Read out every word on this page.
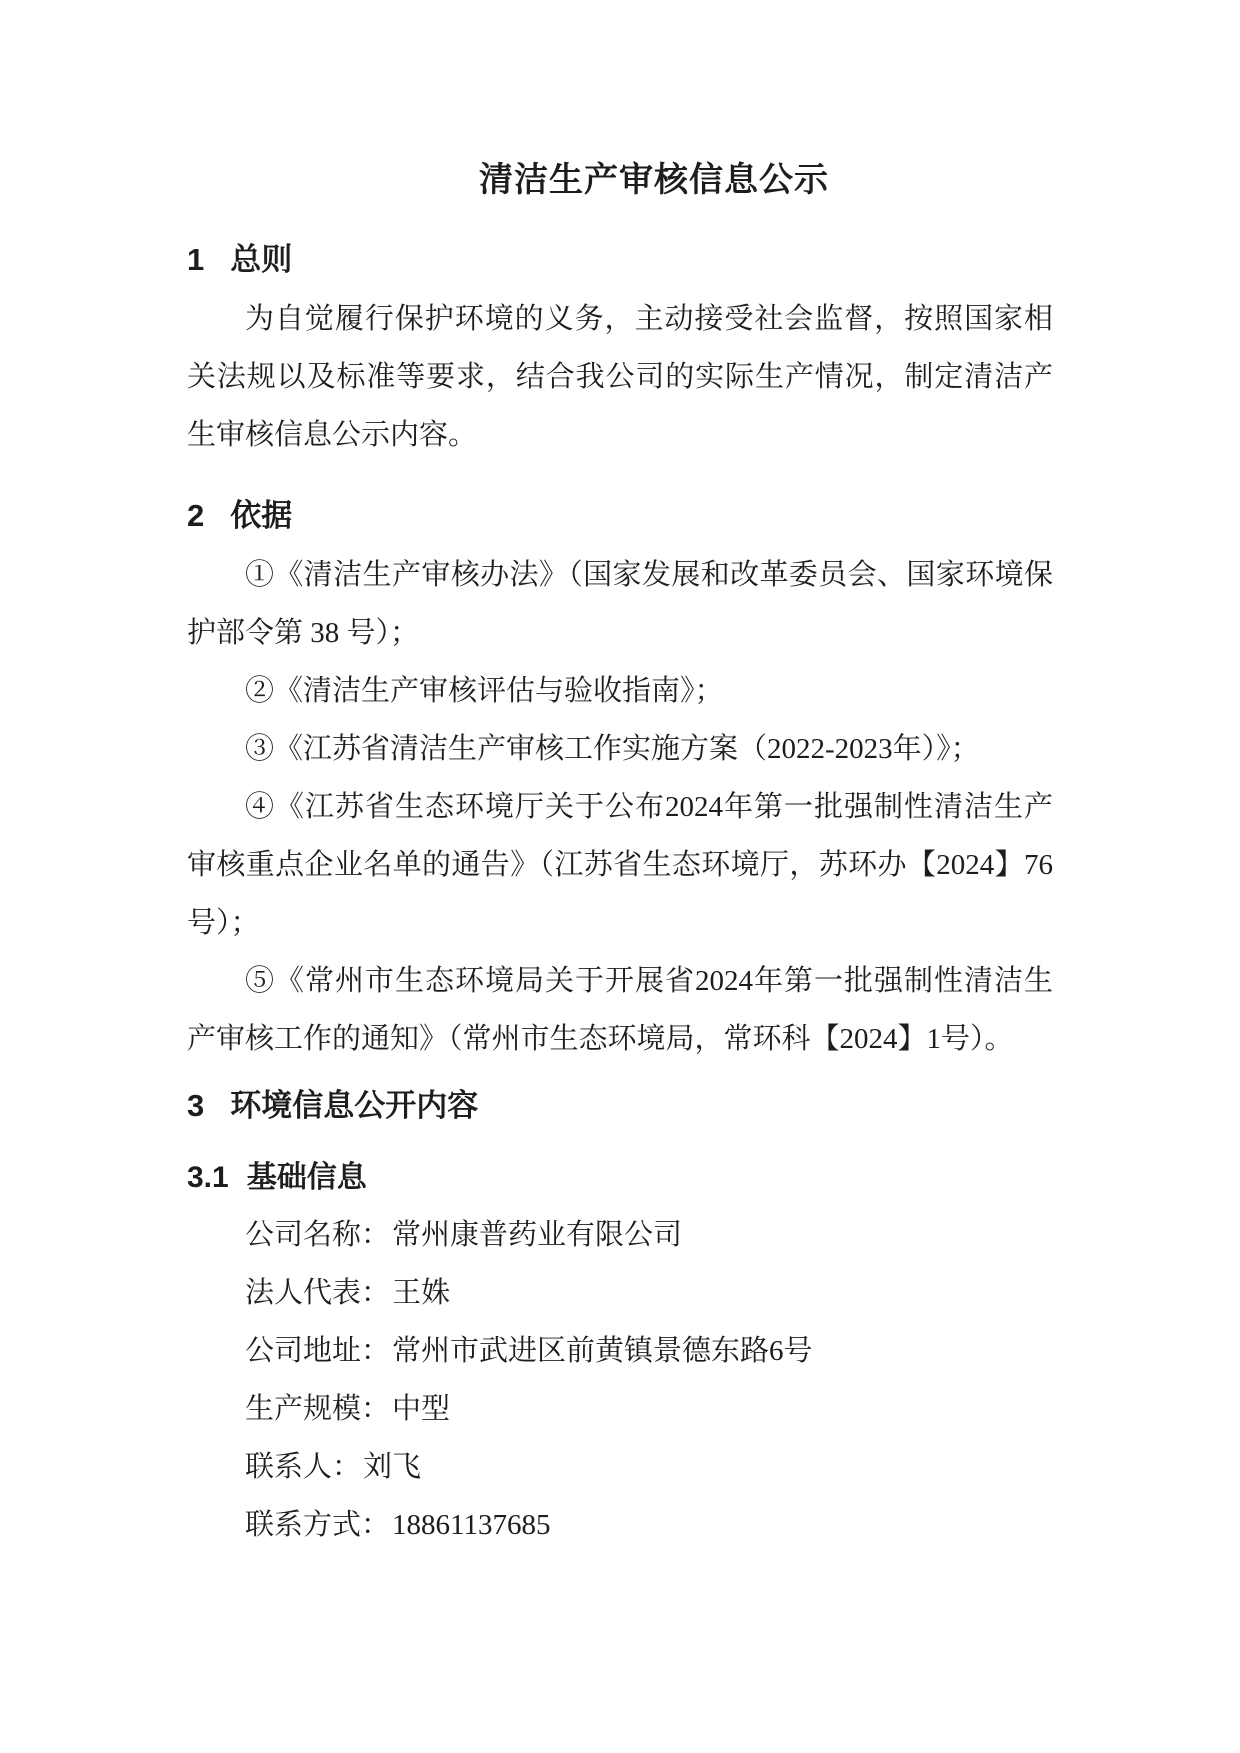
清洁生产审核信息公示
1 总则

为自觉履行保护环境的义务，主动接受社会监督，按照国家相关法规以及标准等要求，结合我公司的实际生产情况，制定清洁产生审核信息公示内容。

2 依据

①《清洁生产审核办法》（国家发展和改革委员会、国家环境保护部令第 38 号）；

②《清洁生产审核评估与验收指南》；

③《江苏省清洁生产审核工作实施方案（2022-2023年）》；

④《江苏省生态环境厅关于公布2024年第一批强制性清洁生产审核重点企业名单的通告》（江苏省生态环境厅，苏环办【2024】76号）；

⑤《常州市生态环境局关于开展省2024年第一批强制性清洁生产审核工作的通知》（常州市生态环境局，常环科【2024】1号）。

3 环境信息公开内容
3.1 基础信息
公司名称：常州康普药业有限公司
法人代表：王姝
公司地址：常州市武进区前黄镇景德东路6号
生产规模：中型
联系人：刘飞
联系方式：18861137685
